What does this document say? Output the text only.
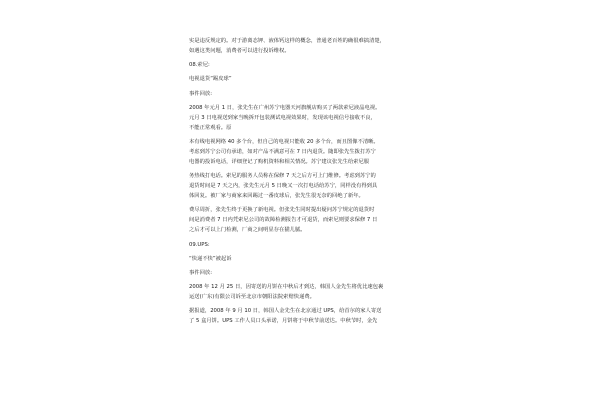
实是违反规定的。对于游离态钾、液体钙这样的概念，普通老百姓的确很难搞清楚，
如遇这类问题，消费者可以进行投诉维权。
08.索尼:
电视退货“踢皮球”
事件回放:
2008 年元月 1 日，张先生在广州苏宁电器天河旗舰店购买了两款索尼液晶电视。
元月 3 日电视送到家当晚拆开包装测试电视效果时，发现该电视信号接收不良，
不能正常观看。原
本有线电视网络 40 多个台，但自己的电视只能收 20 多个台，而且图像不清晰。
考虑到苏宁公司有承诺，如对产品不满意可在 7 日内退货。随即张先生拨打苏宁
电器的投诉电话，详细登记了购机资料和相关情况。苏宁建议张先生给索尼服
务热线打电话。索尼的服务人员称在保修 7 天之后方可上门维修。考虑到苏宁的
退货时间是 7 天之内，张先生元月 5 日晚又一次打电话给苏宁，同样没有得到具
体回复。被厂家与商家来回踢过一番皮球后，张先生很无奈的回绝了新年。
费尽周折，张先生终于更换了新电视。但张先生同时提出疑问苏宁规定的退货时
间是消费者 7 日内凭索尼公司的故障检测报告才可退货，而索尼则要求保修 7 日
之后才可以上门检测，厂商之间明显存在猫儿腻。
09.UPS:
“快递不快”被起诉
事件回放:
2008 年 12 月 25 日，因寄送的月饼在中秋后才到达，韩国人金先生将优比速包裹
运送(广东)有限公司诉至北京市朝阳法院索赔快递费。
据报道，2008 年 9 月 10 日，韩国人金先生在北京通过 UPS，给首尔的家人寄送
了 5 盒月饼。UPS 工作人员口头承诺，月饼将于中秋节前送达。中秋节时，金先
